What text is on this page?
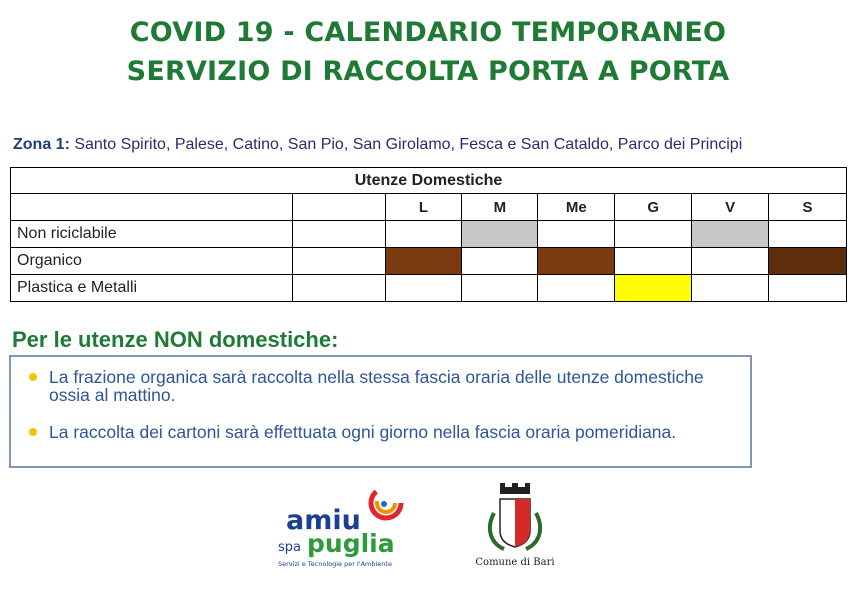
COVID 19 - CALENDARIO TEMPORANEO
SERVIZIO DI RACCOLTA PORTA A PORTA
Zona 1: Santo Spirito, Palese, Catino, San Pio, San Girolamo, Fesca e San Cataldo, Parco dei Principi
Utenze Domestiche							
		L	M	Me	G	V	S
Non riciclabile							
Organico							
Plastica e Metalli							
Per le utenze NON domestiche:
La frazione organica sarà raccolta nella stessa fascia oraria delle utenze domestiche ossia al mattino.
La raccolta dei cartoni sarà effettuata ogni giorno nella fascia oraria pomeridiana.
amiu
spa puglia
Servizi e Tecnologie per l'Ambiente	Comune di Bari
